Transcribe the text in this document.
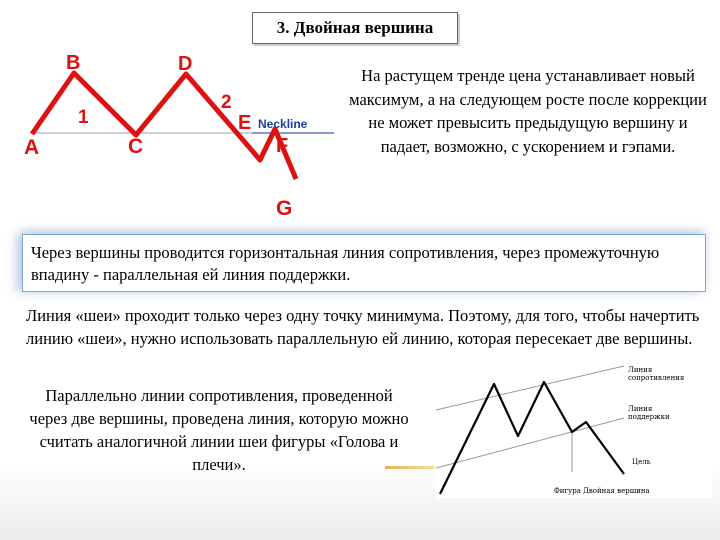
3. Двойная вершина
A
B
1
C
D
2
E Neckline
F
G
На растущем тренде цена устанавливает новый максимум, а на следующем росте после коррекции не может превысить предыдущую вершину и падает, возможно, с ускорением и гэпами.

Через вершины проводится горизонтальная линия сопротивления, через промежуточную впадину - параллельная ей линия поддержки.

Линия «шеи» проходит только через одну точку минимума. Поэтому, для того, чтобы начертить линию «шеи», нужно использовать параллельную ей линию, которая пересекает две вершины.
Параллельно линии сопротивления, проведенной через две вершины, проведена линия, которую можно считать аналогичной линии шеи фигуры «Голова и плечи».
Линия
сопротивления
Линия
поддержки
Цель
Фигура Двойная вершина
